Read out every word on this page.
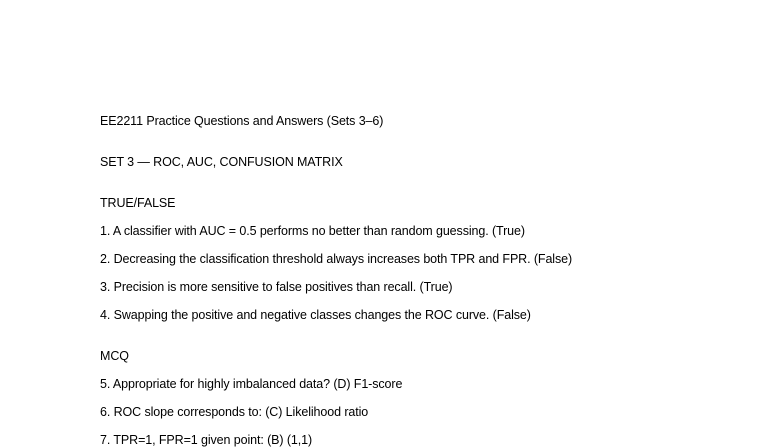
EE2211 Practice Questions and Answers (Sets 3–6)
SET 3 — ROC, AUC, CONFUSION MATRIX
TRUE/FALSE
1. A classifier with AUC = 0.5 performs no better than random guessing. (True)
2. Decreasing the classification threshold always increases both TPR and FPR. (False)
3. Precision is more sensitive to false positives than recall. (True)
4. Swapping the positive and negative classes changes the ROC curve. (False)
MCQ
5. Appropriate for highly imbalanced data? (D) F1-score
6. ROC slope corresponds to: (C) Likelihood ratio
7. TPR=1, FPR=1 given point: (B) (1,1)
